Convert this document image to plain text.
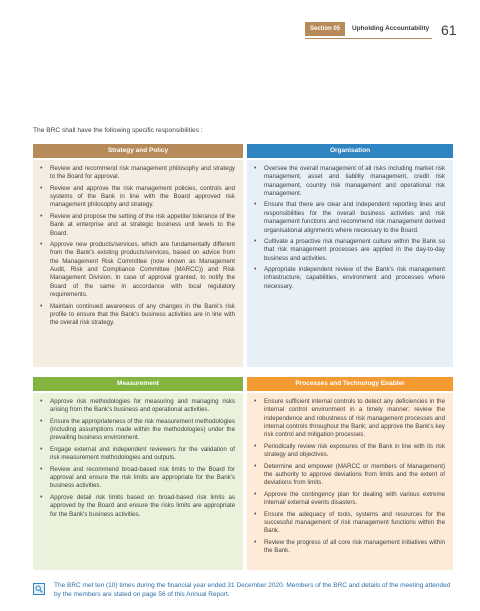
Section 05	Upholding Accountability 61
The BRC shall have the following specific responsibilities :
Strategy and Policy
• Review and recommend risk management philosophy and strategy to the Board for approval.
• Review and approve the risk management policies, controls and systems of the Bank in line with the Board approved risk management philosophy and strategy.
• Review and propose the setting of the risk appetite/ tolerance of the Bank at enterprise and at strategic business unit levels to the Board.
• Approve new products/services, which are fundamentally different from the Bank's existing products/services, based on advice from the Management Risk Committee (now known as Management Audit, Risk and Compliance Committee (MARCC)) and Risk Management Division. In case of approval granted, to notify the Board of the same in accordance with local regulatory requirements.
• Maintain continued awareness of any changes in the Bank's risk profile to ensure that the Bank's business activities are in line with the overall risk strategy.
Organisation
• Oversee the overall management of all risks including market risk management, asset and liability management, credit risk management, country risk management and operational risk management.
• Ensure that there are clear and independent reporting lines and responsibilities for the overall business activities and risk management functions and recommend risk management derived organisational alignments where necessary to the Board.
• Cultivate a proactive risk management culture within the Bank so that risk management processes are applied in the day-to-day business and activities.
• Appropriate independent review of the Bank's risk management infrastructure, capabilities, environment and processes where necessary.
Measurement
• Approve risk methodologies for measuring and managing risks arising from the Bank's business and operational activities.
• Ensure the appropriateness of the risk measurement methodologies (including assumptions made within the methodologies) under the prevailing business environment.
• Engage external and independent reviewers for the validation of risk measurement methodologies and outputs.
• Review and recommend broad-based risk limits to the Board for approval and ensure the risk limits are appropriate for the Bank's business activities.
• Approve detail risk limits based on broad-based risk limits as approved by the Board and ensure the risks limits are appropriate for the Bank's business activities.
Processes and Technology Enabler
• Ensure sufficient internal controls to detect any deficiencies in the internal control environment in a timely manner; review the independence and robustness of risk management processes and internal controls throughout the Bank; and approve the Bank's key risk control and mitigation processes.
• Periodically review risk exposures of the Bank in line with its risk strategy and objectives.
• Determine and empower (MARCC or members of Management) the authority to approve deviations from limits and the extent of deviations from limits.
• Approve the contingency plan for dealing with various extreme internal/ external events disasters.
• Ensure the adequacy of tools, systems and resources for the successful management of risk management functions within the Bank.
• Review the progress of all core risk management initiatives within the Bank.
The BRC met ten (10) times during the financial year ended 31 December 2020. Members of the BRC and details of the meeting attended by the members are stated on page 56 of this Annual Report.
